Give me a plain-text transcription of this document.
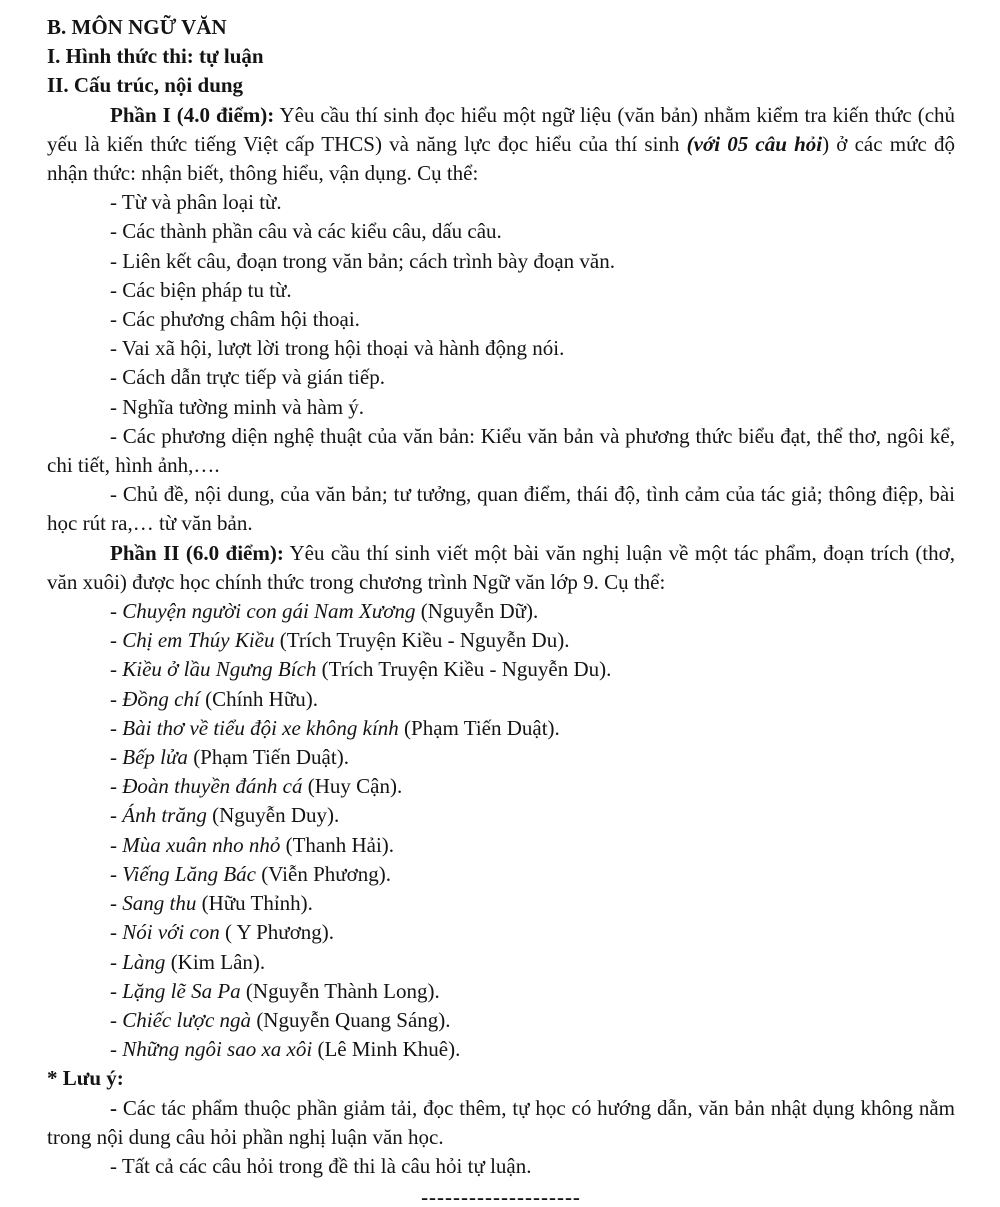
B. MÔN NGỮ VĂN
I. Hình thức thi: tự luận
II. Cấu trúc, nội dung

Phần I (4.0 điểm): Yêu cầu thí sinh đọc hiểu một ngữ liệu (văn bản) nhằm kiểm tra kiến thức (chủ yếu là kiến thức tiếng Việt cấp THCS) và năng lực đọc hiểu của thí sinh (với 05 câu hỏi) ở các mức độ nhận thức: nhận biết, thông hiểu, vận dụng. Cụ thể:

- Từ và phân loại từ.

- Các thành phần câu và các kiểu câu, dấu câu.

- Liên kết câu, đoạn trong văn bản; cách trình bày đoạn văn.

- Các biện pháp tu từ.

- Các phương châm hội thoại.

- Vai xã hội, lượt lời trong hội thoại và hành động nói.

- Cách dẫn trực tiếp và gián tiếp.

- Nghĩa tường minh và hàm ý.

- Các phương diện nghệ thuật của văn bản: Kiểu văn bản và phương thức biểu đạt, thể thơ, ngôi kể, chi tiết, hình ảnh,….

- Chủ đề, nội dung, của văn bản; tư tưởng, quan điểm, thái độ, tình cảm của tác giả; thông điệp, bài học rút ra,… từ văn bản.

Phần II (6.0 điểm): Yêu cầu thí sinh viết một bài văn nghị luận về một tác phẩm, đoạn trích (thơ, văn xuôi) được học chính thức trong chương trình Ngữ văn lớp 9. Cụ thể:

- Chuyện người con gái Nam Xương (Nguyễn Dữ).

- Chị em Thúy Kiều (Trích Truyện Kiều - Nguyễn Du).

- Kiều ở lầu Ngưng Bích (Trích Truyện Kiều - Nguyễn Du).

- Đồng chí (Chính Hữu).

- Bài thơ về tiểu đội xe không kính (Phạm Tiến Duật).

- Bếp lửa (Phạm Tiến Duật).

- Đoàn thuyền đánh cá (Huy Cận).

- Ánh trăng (Nguyễn Duy).

- Mùa xuân nho nhỏ (Thanh Hải).

- Viếng Lăng Bác (Viễn Phương).

- Sang thu (Hữu Thỉnh).

- Nói với con ( Y Phương).

- Làng (Kim Lân).

- Lặng lẽ Sa Pa (Nguyễn Thành Long).

- Chiếc lược ngà (Nguyễn Quang Sáng).

- Những ngôi sao xa xôi (Lê Minh Khuê).

* Lưu ý:

- Các tác phẩm thuộc phần giảm tải, đọc thêm, tự học có hướng dẫn, văn bản nhật dụng không nằm trong nội dung câu hỏi phần nghị luận văn học.

- Tất cả các câu hỏi trong đề thi là câu hỏi tự luận.

--------------------
